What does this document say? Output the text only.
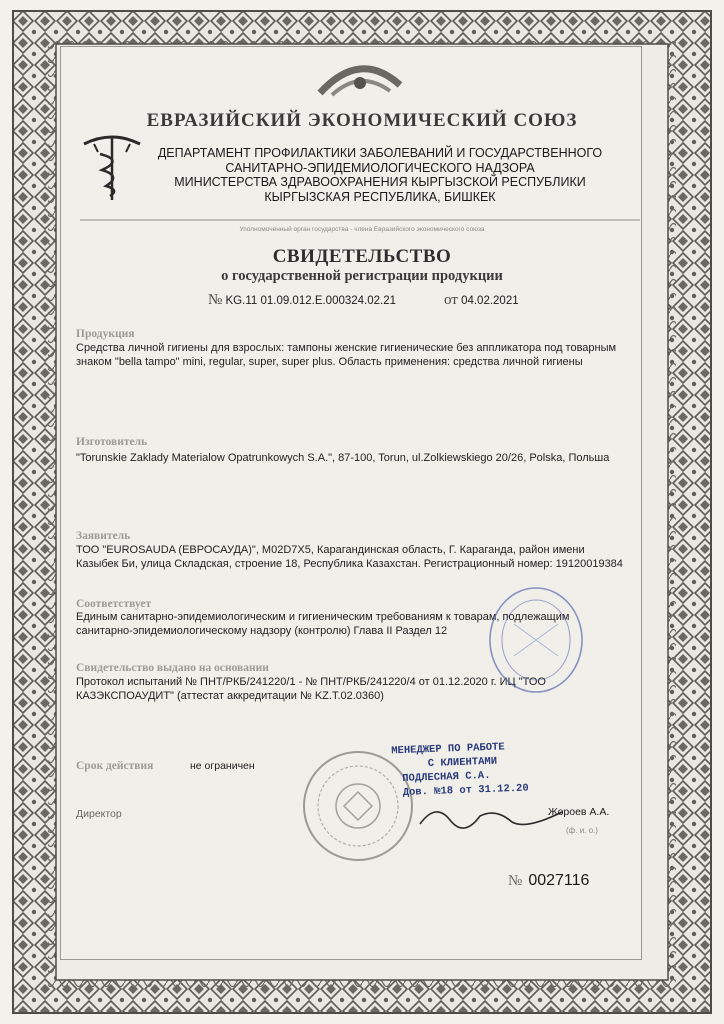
ЕВРАЗИЙСКИЙ ЭКОНОМИЧЕСКИЙ СОЮЗ
ДЕПАРТАМЕНТ ПРОФИЛАКТИКИ ЗАБОЛЕВАНИЙ И ГОСУДАРСТВЕННОГО
САНИТАРНО-ЭПИДЕМИОЛОГИЧЕСКОГО НАДЗОРА
МИНИСТЕРСТВА ЗДРАВООХРАНЕНИЯ КЫРГЫЗСКОЙ РЕСПУБЛИКИ
КЫРГЫЗСКАЯ РЕСПУБЛИКА, БИШКЕК
Уполномоченный орган государства - члена Евразийского экономического союза
СВИДЕТЕЛЬСТВО
о государственной регистрации продукции
№ KG.11 01.09.012.E.000324.02.21	от 04.02.2021
Продукция
Средства личной гигиены для взрослых: тампоны женские гигиенические без аппликатора под товарным знаком "bella tampo" mini, regular, super, super plus. Область применения: средства личной гигиены
Изготовитель
"Torunskie Zaklady Materialow Opatrunkowych S.A.", 87-100, Torun, ul.Zolkiewskiego 20/26, Polska, Польша
Заявитель
ТОО "EUROSAUDA (ЕВРОСАУДА)", M02D7X5, Карагандинская область, Г. Караганда, район имени Казыбек Би, улица Складская, строение 18, Республика Казахстан. Регистрационный номер: 19120019384
Соответствует
Единым санитарно-эпидемиологическим и гигиеническим требованиям к товарам, подлежащим санитарно-эпидемиологическому надзору (контролю) Глава II Раздел 12
Свидетельство выдано на основании
Протокол испытаний № ПНТ/РКБ/241220/1 - № ПНТ/РКБ/241220/4 от 01.12.2020 г. ИЦ "ТОО КАЗЭКСПОАУДИТ" (аттестат аккредитации № KZ.T.02.0360)
Срок действия	не ограничен
МЕНЕДЖЕР ПО РАБОТЕ
С КЛИЕНТАМИ
ПОДЛЕСНАЯ С.А.
Дов. №18 от 31.12.20
Директор	Жороев А.А.
(ф. и. о.)
№ 0027116
